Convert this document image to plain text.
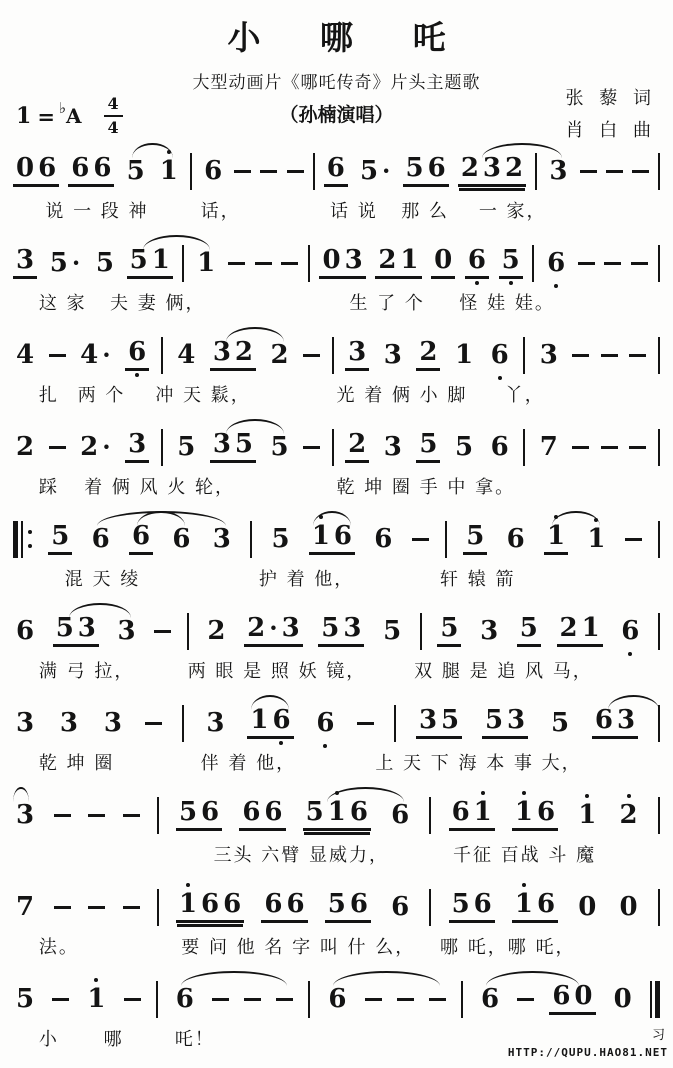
小 哪 吒
大型动画片《哪吒传奇》片头主题歌
（孙楠演唱）
张 藜 词
肖 白 曲
1 = ♭ A $\frac{4}{4}$
0 6 6 6 5 1 6	6 5 · 5 6 2 3 2 3
说 一 段 神	话，	话 说 那 么 一 家，
3 5 · 5 5 1 1	0 3 2 1 0 6 5 6
这 家 夫 妻 俩，	生 了 个 怪 娃 娃。
4 4 · 6 4 3 2 2 3 3 2 1 6 3
扎 两 个 冲 天 鬏，	光 着 俩 小 脚 丫，
2 2 · 3 5 3 5 5 2 3 5 5 6 7
踩 着 俩 风 火 轮，	乾 坤 圈 手 中 拿。
5 6 6 6 3 5 1 6 6	5 6 1 1
混 天 绫	护 着 他，	轩 辕 箭
6 5 3 3	2 2 · 3 5 3 5 5 3 5 2 1 6
满 弓 拉，	两 眼 是 照 妖 镜，	双 腿 是 追 风 马，
3 3 3	3 1 6 6	3 5 5 3 5 6 3
乾 坤 圈	伴 着 他，	上 天 下 海 本 事 大，
3	5 6 6 6 5 1 6 6 6 1 1 6 1 2
三头 六臂 显威力，	千征 百战 斗 魔
7	1 6 6 6 6 5 6 6 5 6 1 6 0 0
法。	要 问 他 名 字 叫 什 么， 哪 吒，哪 吒，
5 1	6	6	6 6 0 0
小 哪	吒！	习
HTTP://QUPU.HAO81.NET
